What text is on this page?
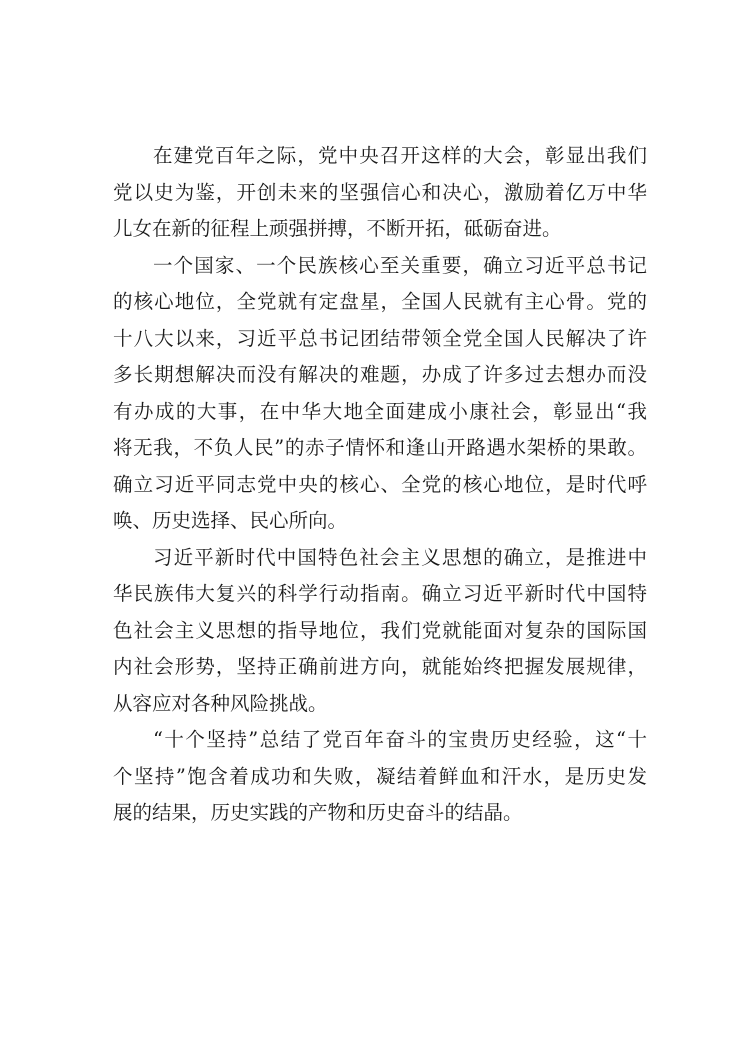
在建党百年之际，党中央召开这样的大会，彰显出我们
党以史为鉴，开创未来的坚强信心和决心，激励着亿万中华
儿女在新的征程上顽强拼搏，不断开拓，砥砺奋进。
一个国家、一个民族核心至关重要，确立习近平总书记
的核心地位，全党就有定盘星，全国人民就有主心骨。党的
十八大以来，习近平总书记团结带领全党全国人民解决了许
多长期想解决而没有解决的难题，办成了许多过去想办而没
有办成的大事，在中华大地全面建成小康社会，彰显出“我
将无我，不负人民”的赤子情怀和逢山开路遇水架桥的果敢。
确立习近平同志党中央的核心、全党的核心地位，是时代呼
唤、历史选择、民心所向。
习近平新时代中国特色社会主义思想的确立，是推进中
华民族伟大复兴的科学行动指南。确立习近平新时代中国特
色社会主义思想的指导地位，我们党就能面对复杂的国际国
内社会形势，坚持正确前进方向，就能始终把握发展规律，
从容应对各种风险挑战。
“十个坚持”总结了党百年奋斗的宝贵历史经验，这“十
个坚持”饱含着成功和失败，凝结着鲜血和汗水，是历史发
展的结果，历史实践的产物和历史奋斗的结晶。
